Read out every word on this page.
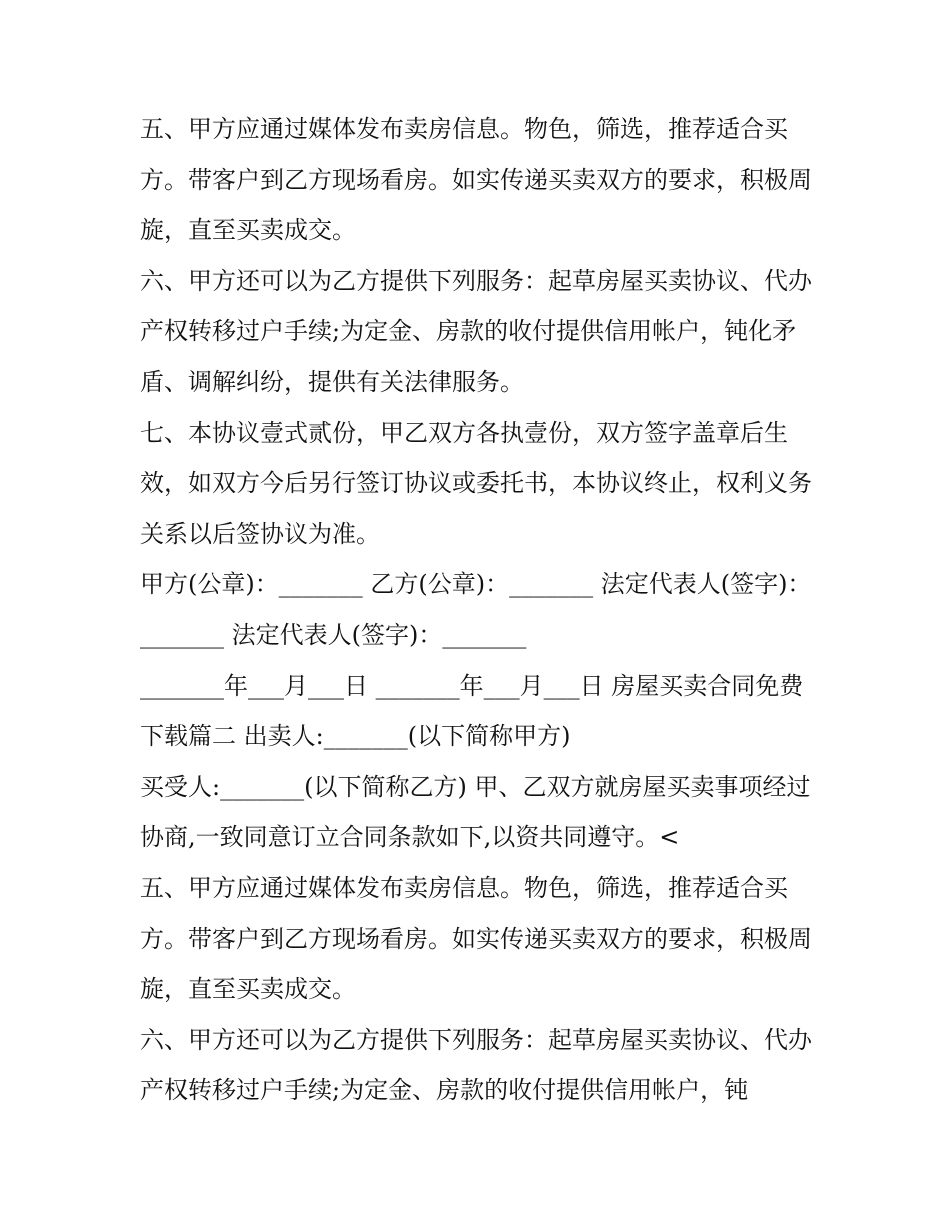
五、甲方应通过媒体发布卖房信息。物色，筛选，推荐适合买方。带客户到乙方现场看房。如实传递买卖双方的要求，积极周旋，直至买卖成交。

六、甲方还可以为乙方提供下列服务：起草房屋买卖协议、代办产权转移过户手续;为定金、房款的收付提供信用帐户，钝化矛盾、调解纠纷，提供有关法律服务。

七、本协议壹式贰份，甲乙双方各执壹份，双方签字盖章后生效，如双方今后另行签订协议或委托书，本协议终止，权利义务关系以后签协议为准。

甲方(公章)：_______ 乙方(公章)：_______ 法定代表人(签字)：_______ 法定代表人(签字)：_______

_______年___月___日 _______年___月___日 房屋买卖合同免费下载篇二 出卖人:_______(以下简称甲方)

买受人:_______(以下简称乙方) 甲、乙双方就房屋买卖事项经过协商,一致同意订立合同条款如下,以资共同遵守。<

五、甲方应通过媒体发布卖房信息。物色，筛选，推荐适合买方。带客户到乙方现场看房。如实传递买卖双方的要求，积极周旋，直至买卖成交。

六、甲方还可以为乙方提供下列服务：起草房屋买卖协议、代办产权转移过户手续;为定金、房款的收付提供信用帐户，钝
